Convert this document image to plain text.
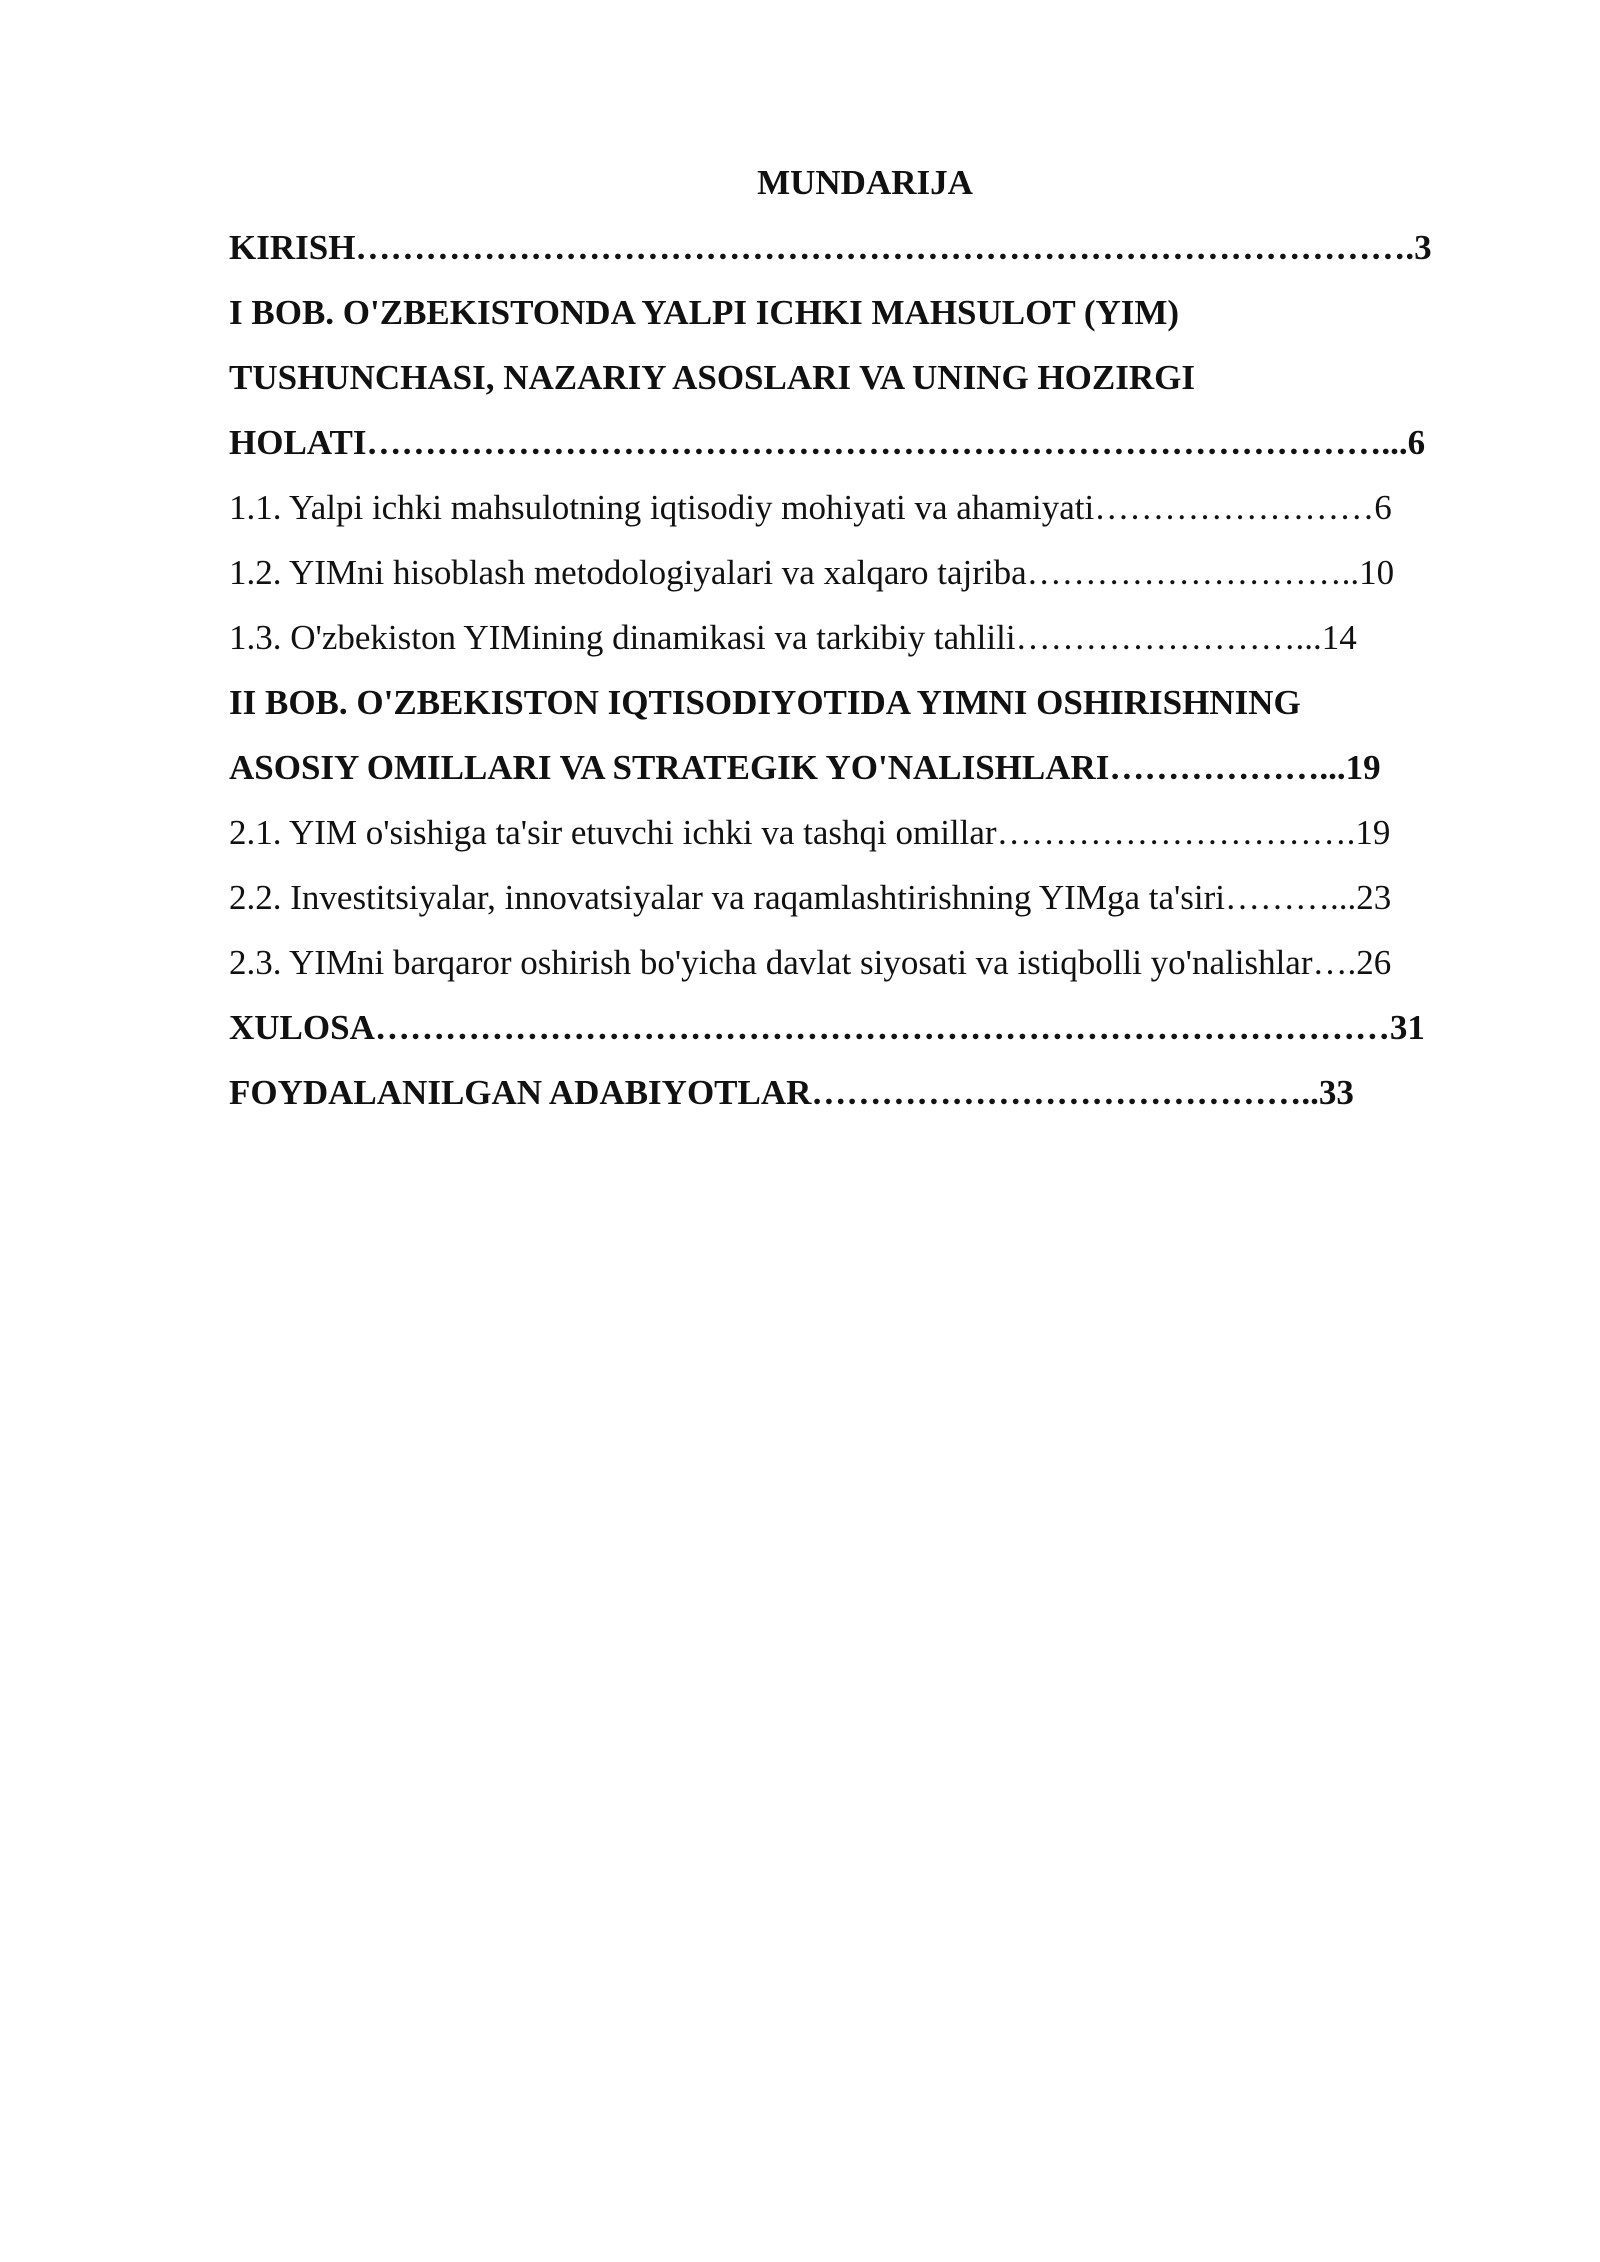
MUNDARIJA
KIRISH……………………………………………………………………………….3
I BOB. O'ZBEKISTONDA YALPI ICHKI MAHSULOT (YIM)
TUSHUNCHASI, NAZARIY ASOSLARI VA UNING HOZIRGI
HOLATI……………………………………………………………………………...6
1.1. Yalpi ichki mahsulotning iqtisodiy mohiyati va ahamiyati……………………6
1.2. YIMni hisoblash metodologiyalari va xalqaro tajriba………………………..10
1.3. O'zbekiston YIMining dinamikasi va tarkibiy tahlili……………………...14
II BOB. O'ZBEKISTON IQTISODIYOTIDA YIMNI OSHIRISHNING
ASOSIY OMILLARI VA STRATEGIK YO'NALISHLARI………………...19
2.1. YIM o'sishiga ta'sir etuvchi ichki va tashqi omillar………………………….19
2.2. Investitsiyalar, innovatsiyalar va raqamlashtirishning YIMga ta'siri………...23
2.3. YIMni barqaror oshirish bo'yicha davlat siyosati va istiqbolli yo'nalishlar….26
XULOSA……………………………………………………………………………31
FOYDALANILGAN ADABIYOTLAR……………………………………..33
